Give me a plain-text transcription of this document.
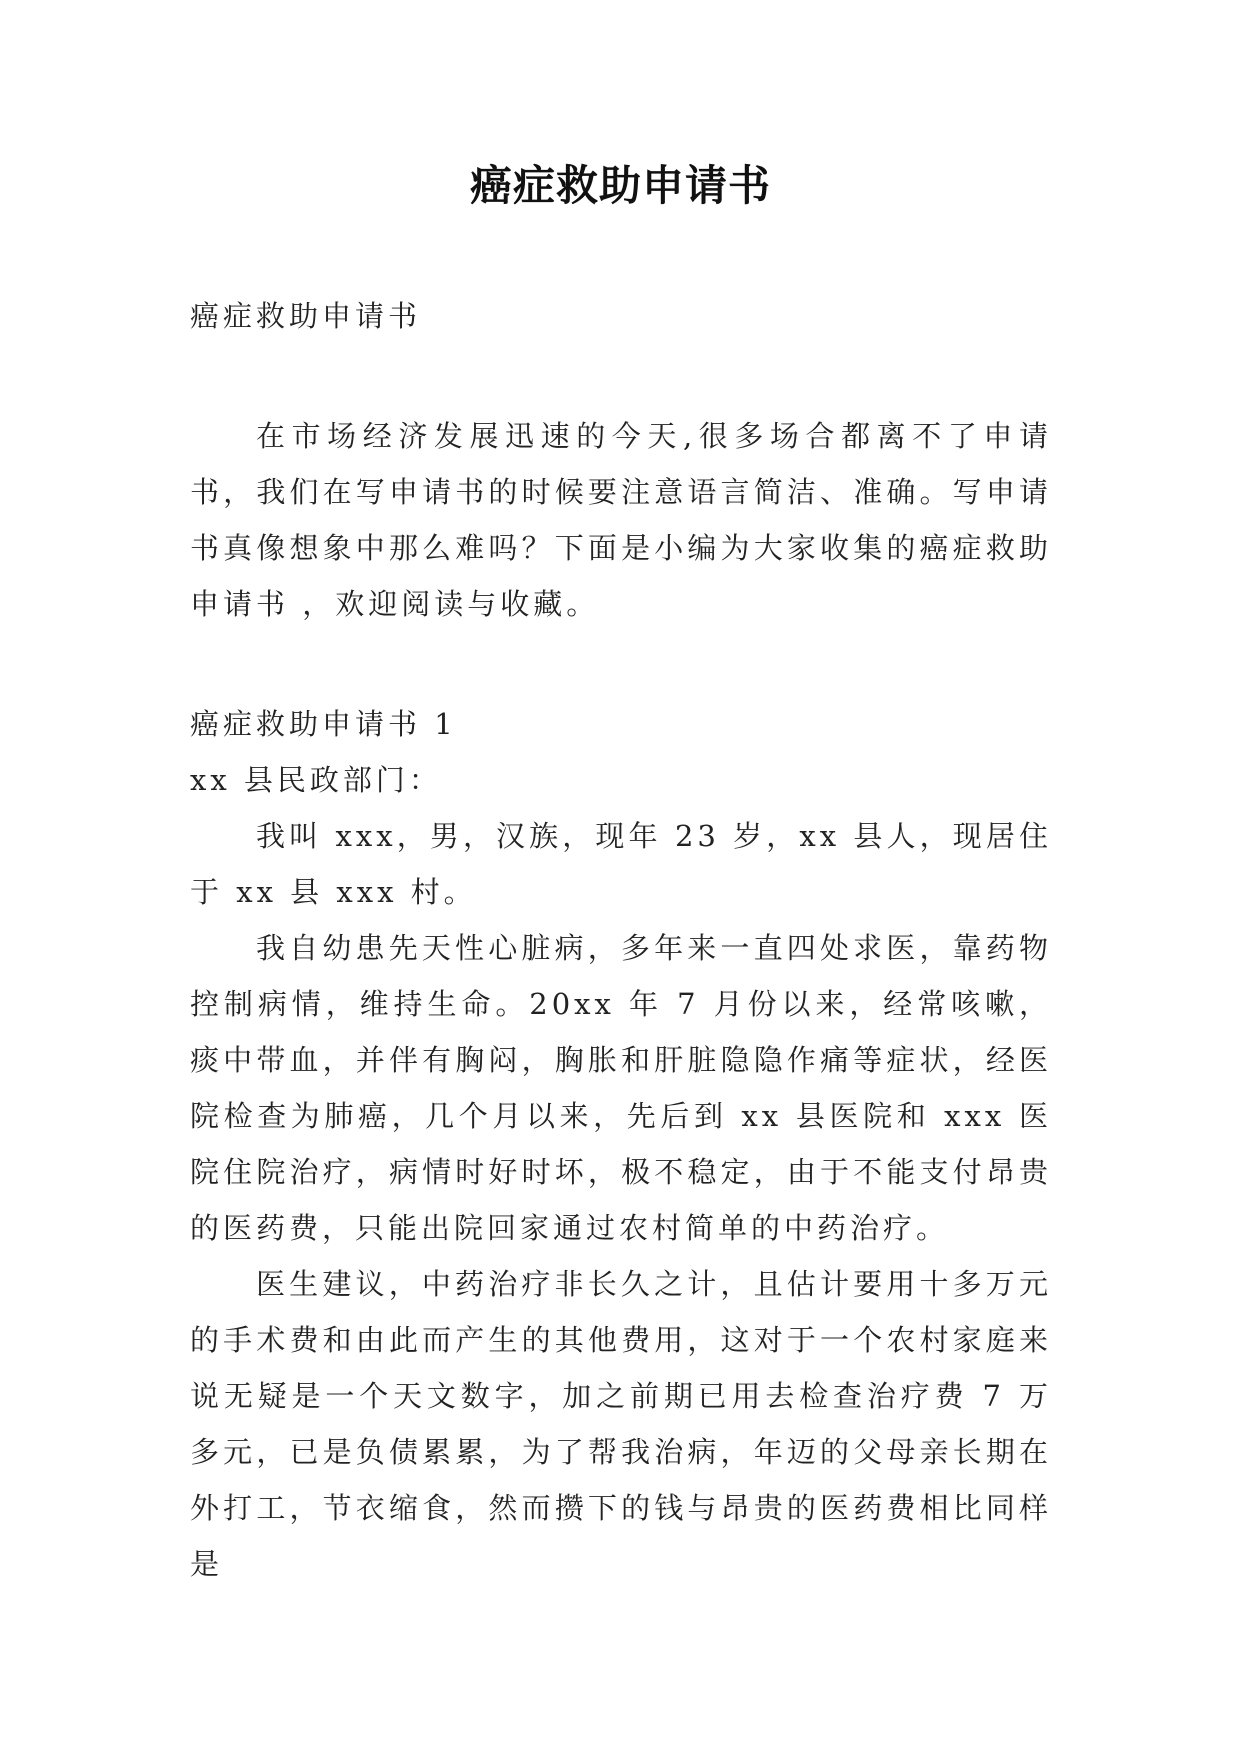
癌症救助申请书

癌症救助申请书

在市场经济发展迅速的今天,很多场合都离不了申请书，我们在写申请书的时候要注意语言简洁、准确。写申请书真像想象中那么难吗？下面是小编为大家收集的癌症救助申请书 ，欢迎阅读与收藏。

癌症救助申请书 1

xx 县民政部门：

我叫 xxx，男，汉族，现年 23 岁，xx 县人，现居住于 xx 县 xxx 村。

我自幼患先天性心脏病，多年来一直四处求医，靠药物控制病情，维持生命。20xx 年 7 月份以来，经常咳嗽，痰中带血，并伴有胸闷，胸胀和肝脏隐隐作痛等症状，经医院检查为肺癌，几个月以来，先后到 xx 县医院和 xxx 医院住院治疗，病情时好时坏，极不稳定，由于不能支付昂贵的医药费，只能出院回家通过农村简单的中药治疗。

医生建议，中药治疗非长久之计，且估计要用十多万元的手术费和由此而产生的其他费用，这对于一个农村家庭来说无疑是一个天文数字，加之前期已用去检查治疗费 7 万多元，已是负债累累，为了帮我治病，年迈的父母亲长期在外打工，节衣缩食，然而攒下的钱与昂贵的医药费相比同样是
